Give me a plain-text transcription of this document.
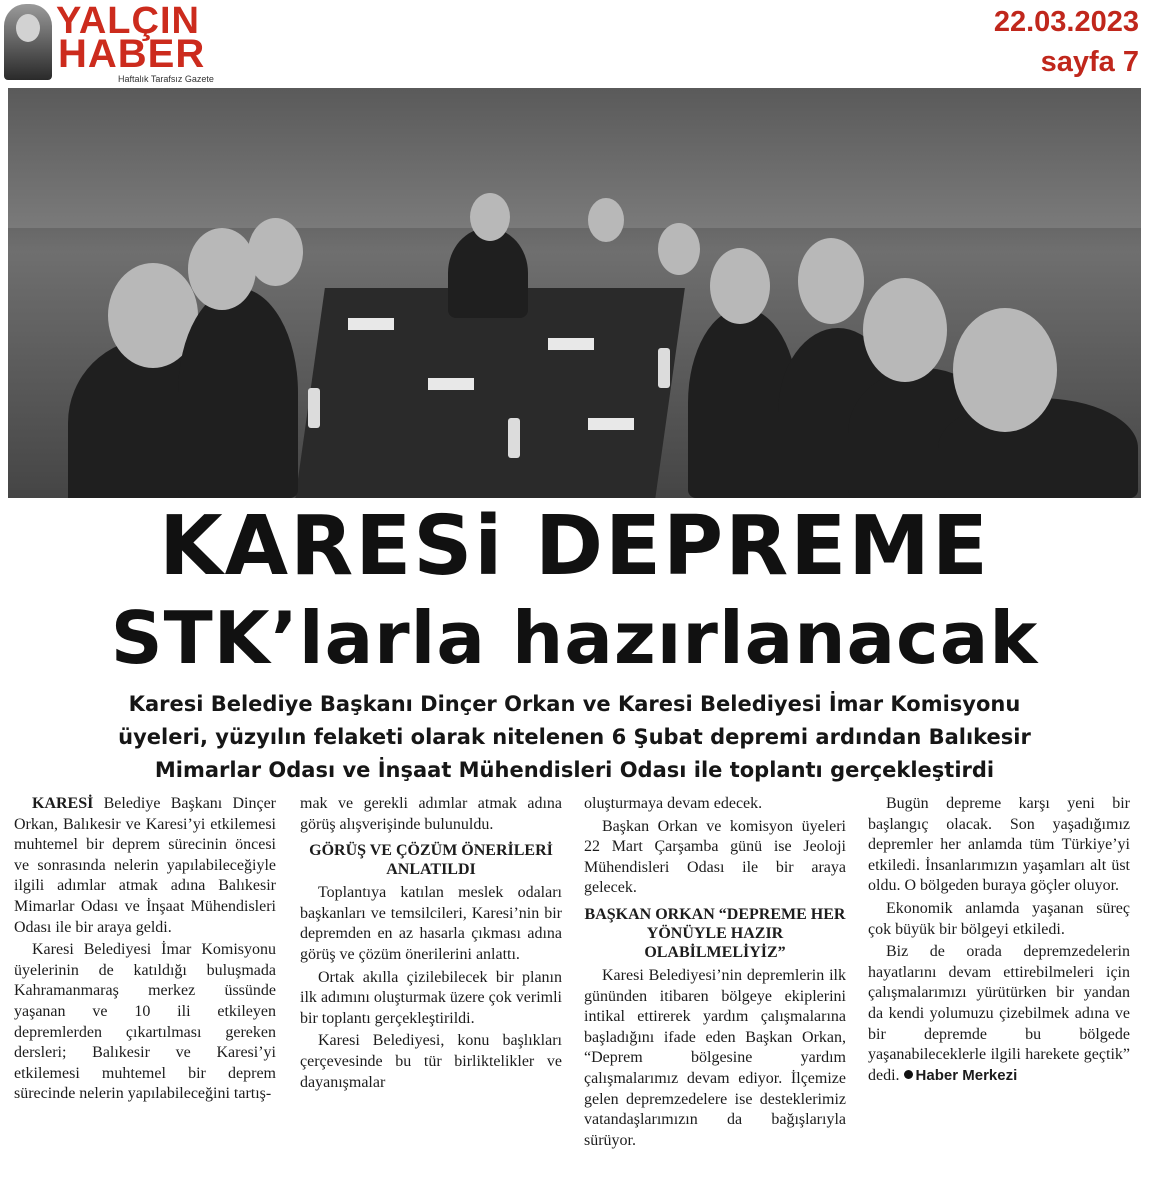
YALÇIN
HABER
Haftalık Tarafsız Gazete
22.03.2023
sayfa 7
KARESi DEPREME
STK’larla hazırlanacak
Karesi Belediye Başkanı Dinçer Orkan ve Karesi Belediyesi İmar Komisyonu
üyeleri, yüzyılın felaketi olarak nitelenen 6 Şubat depremi ardından Balıkesir
Mimarlar Odası ve İnşaat Mühendisleri Odası ile toplantı gerçekleştirdi

KARESİ Belediye Başkanı Dinçer Orkan, Balıkesir ve Karesi’yi etkilemesi muhtemel bir deprem sürecinin öncesi ve sonrasında nelerin yapılabileceğiyle ilgili adımlar atmak adına Balıkesir Mimarlar Odası ve İnşaat Mühendisleri Odası ile bir araya geldi.

Karesi Belediyesi İmar Komisyonu üyelerinin de katıldığı buluşmada Kahramanmaraş merkez üssünde yaşanan ve 10 ili etkileyen depremlerden çıkartılması gereken dersleri; Balıkesir ve Karesi’yi etkilemesi muhtemel bir deprem sürecinde nelerin yapılabileceğini tartış-

mak ve gerekli adımlar atmak adına görüş alışverişinde bulunuldu.

GÖRÜŞ VE ÇÖZÜM ÖNERİLERİ ANLATILDI

Toplantıya katılan meslek odaları başkanları ve temsilcileri, Karesi’nin bir depremden en az hasarla çıkması adına görüş ve çözüm önerilerini anlattı.

Ortak akılla çizilebilecek bir planın ilk adımını oluşturmak üzere çok verimli bir toplantı gerçekleştirildi.

Karesi Belediyesi, konu başlıkları çerçevesinde bu tür birliktelikler ve dayanışmalar

oluşturmaya devam edecek.

Başkan Orkan ve komisyon üyeleri 22 Mart Çarşamba günü ise Jeoloji Mühendisleri Odası ile bir araya gelecek.

BAŞKAN ORKAN “DEPREME HER YÖNÜYLE HAZIR OLABİLMELİYİZ”

Karesi Belediyesi’nin depremlerin ilk gününden itibaren bölgeye ekiplerini intikal ettirerek yardım çalışmalarına başladığını ifade eden Başkan Orkan, “Deprem bölgesine yardım çalışmalarımız devam ediyor. İlçemize gelen depremzedelere ise desteklerimiz vatandaşlarımızın da bağışlarıyla sürüyor.

Bugün depreme karşı yeni bir başlangıç olacak. Son yaşadığımız depremler her anlamda tüm Türkiye’yi etkiledi. İnsanlarımızın yaşamları alt üst oldu. O bölgeden buraya göçler oluyor.

Ekonomik anlamda yaşanan süreç çok büyük bir bölgeyi etkiledi.

Biz de orada depremzedelerin hayatlarını devam ettirebilmeleri için çalışmalarımızı yürütürken bir yandan da kendi yolumuzu çizebilmek adına ve bir depremde bu bölgede yaşanabileceklerle ilgili harekete geçtik” dedi. Haber Merkezi
